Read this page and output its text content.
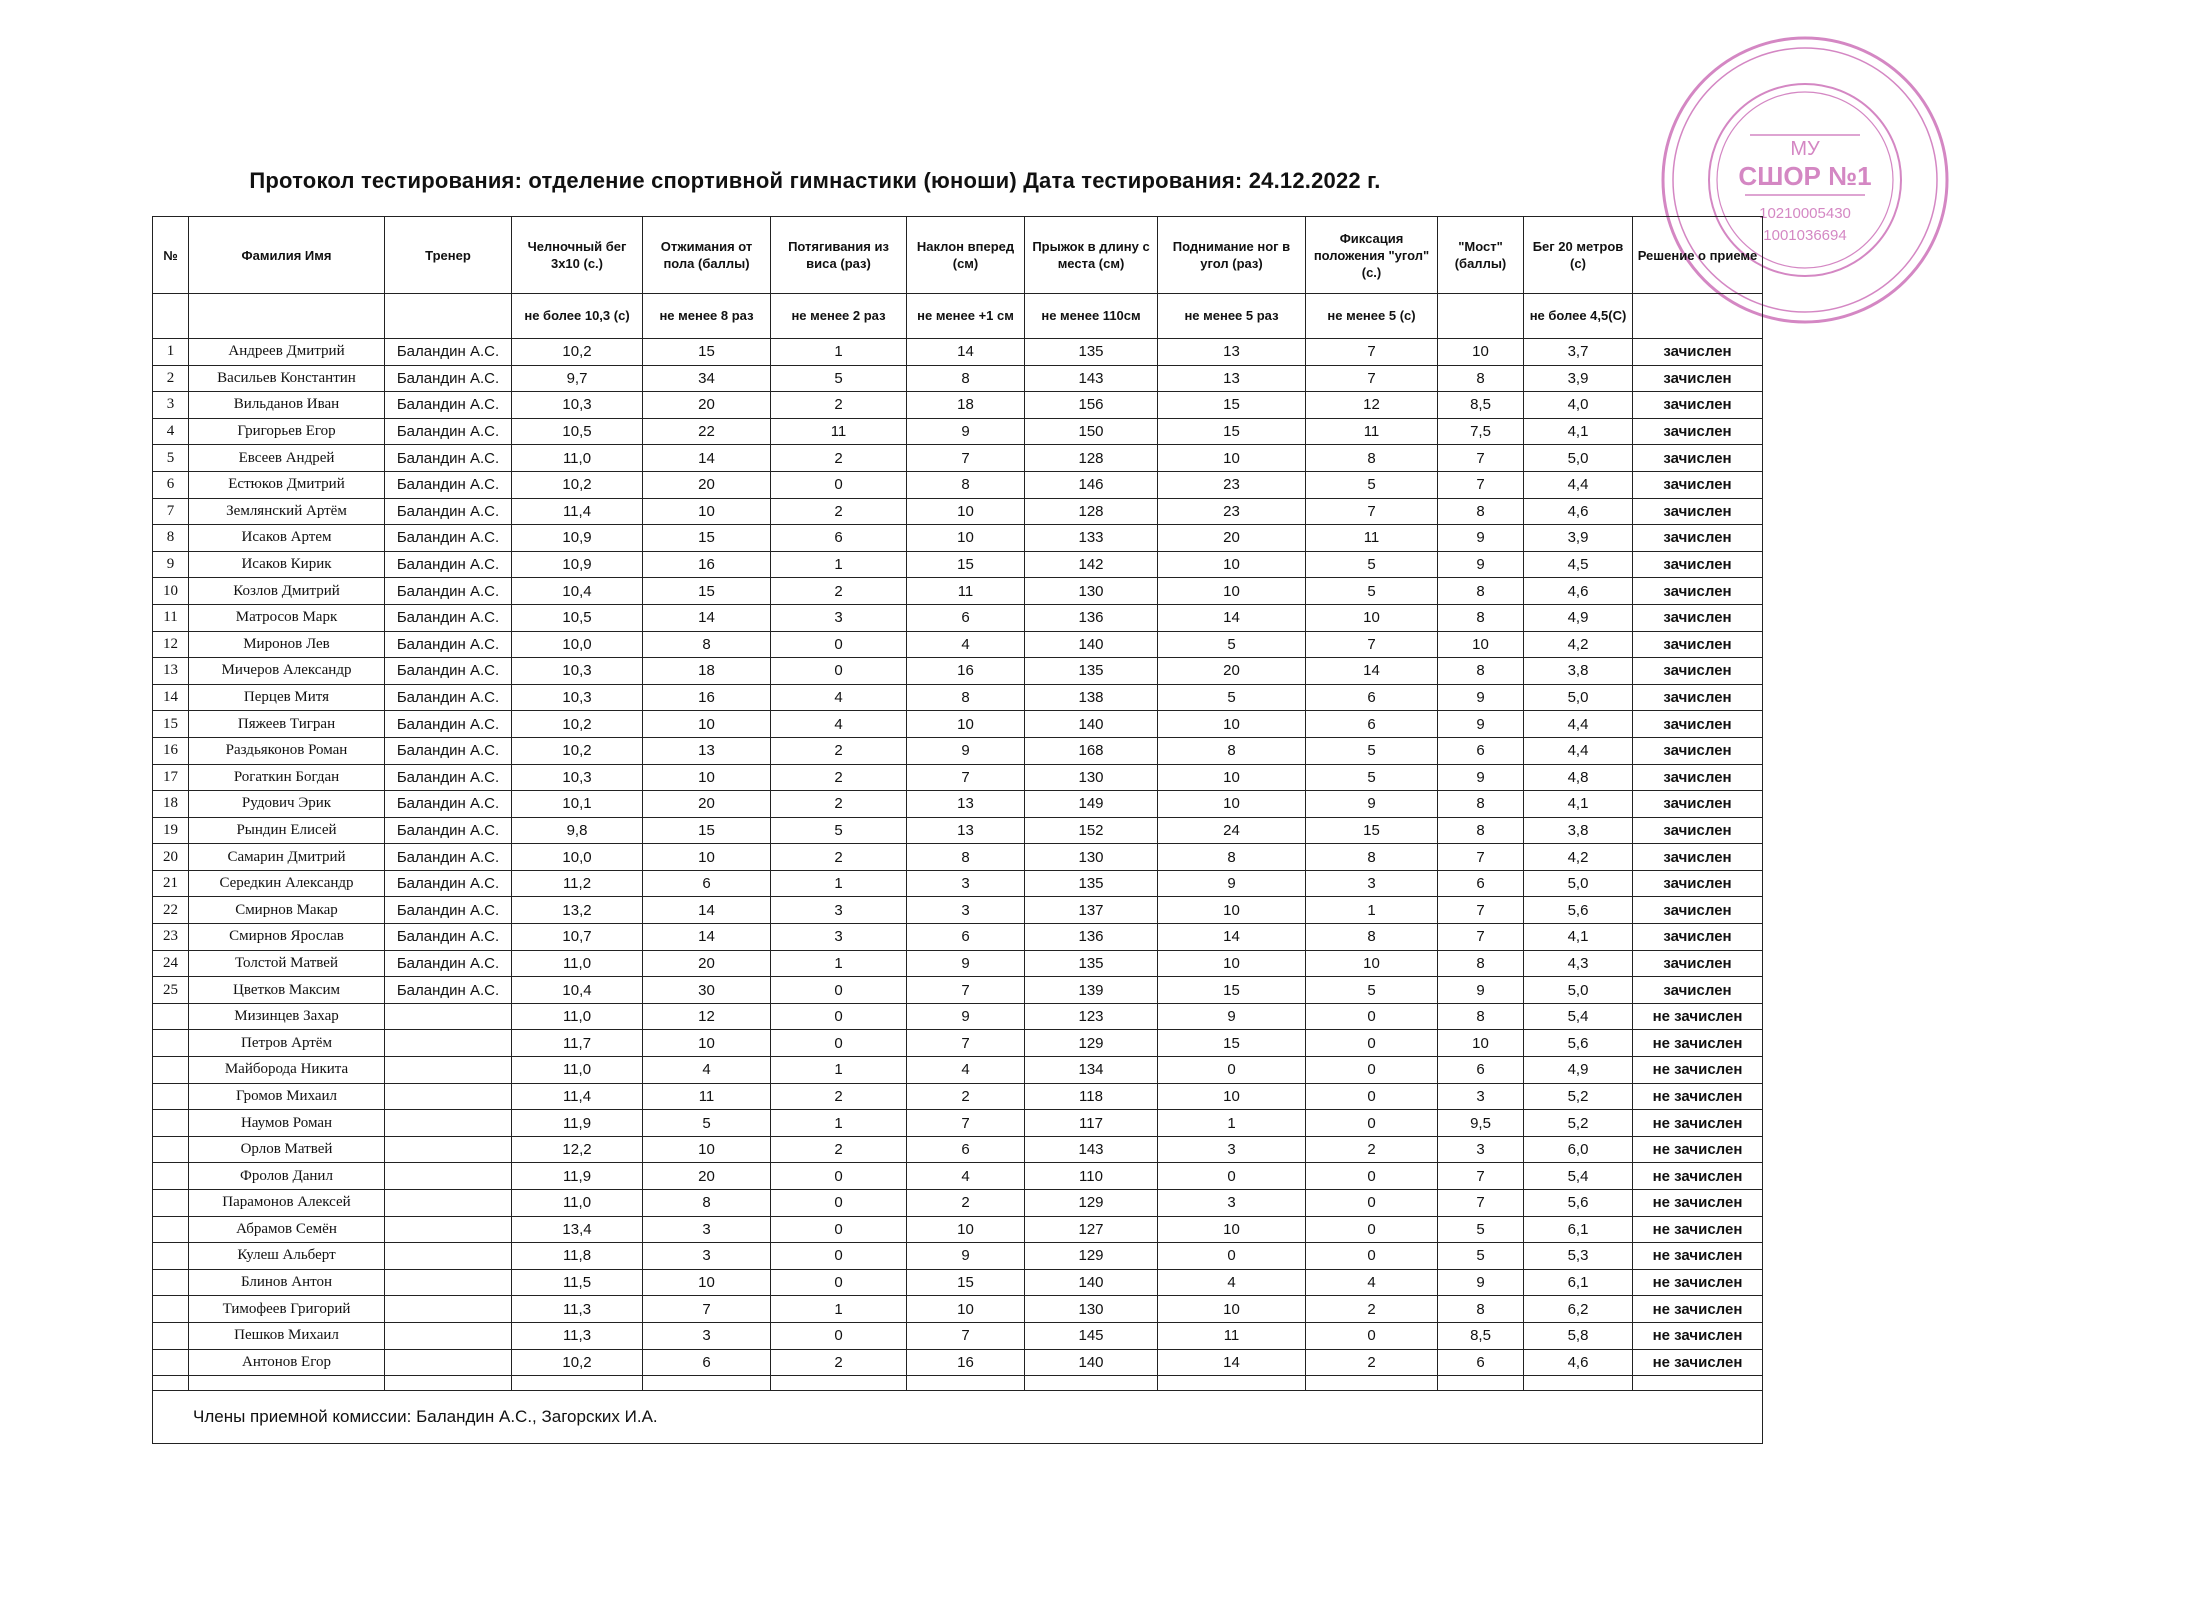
Протокол тестирования: отделение спортивной гимнастики (юноши) Дата тестирования: 24.12.2022 г.
МУ
СШОР №1
10210005430
1001036694
№	Фамилия Имя	Тренер	Челночный бег 3х10 (с.)	Отжимания от пола (баллы)	Потягивания из виса (раз)	Наклон вперед (см)	Прыжок в длину с места (см)	Поднимание ног в угол (раз)	Фиксация положения "угол" (с.)	"Мост" (баллы)	Бег 20 метров (с)	Решение о приеме
			не более 10,3 (с)	не менее 8 раз	не менее 2 раз	не менее +1 см	не менее 110см	не менее 5 раз	не менее 5 (с)		не более 4,5(С)	
1	Андреев Дмитрий	Баландин А.С.	10,2	15	1	14	135	13	7	10	3,7	зачислен
2	Васильев Константин	Баландин А.С.	9,7	34	5	8	143	13	7	8	3,9	зачислен
3	Вильданов Иван	Баландин А.С.	10,3	20	2	18	156	15	12	8,5	4,0	зачислен
4	Григорьев Егор	Баландин А.С.	10,5	22	11	9	150	15	11	7,5	4,1	зачислен
5	Евсеев Андрей	Баландин А.С.	11,0	14	2	7	128	10	8	7	5,0	зачислен
6	Естюков Дмитрий	Баландин А.С.	10,2	20	0	8	146	23	5	7	4,4	зачислен
7	Землянский Артём	Баландин А.С.	11,4	10	2	10	128	23	7	8	4,6	зачислен
8	Исаков Артем	Баландин А.С.	10,9	15	6	10	133	20	11	9	3,9	зачислен
9	Исаков Кирик	Баландин А.С.	10,9	16	1	15	142	10	5	9	4,5	зачислен
10	Козлов Дмитрий	Баландин А.С.	10,4	15	2	11	130	10	5	8	4,6	зачислен
11	Матросов Марк	Баландин А.С.	10,5	14	3	6	136	14	10	8	4,9	зачислен
12	Миронов Лев	Баландин А.С.	10,0	8	0	4	140	5	7	10	4,2	зачислен
13	Мичеров Александр	Баландин А.С.	10,3	18	0	16	135	20	14	8	3,8	зачислен
14	Перцев Митя	Баландин А.С.	10,3	16	4	8	138	5	6	9	5,0	зачислен
15	Пяжеев Тигран	Баландин А.С.	10,2	10	4	10	140	10	6	9	4,4	зачислен
16	Раздьяконов Роман	Баландин А.С.	10,2	13	2	9	168	8	5	6	4,4	зачислен
17	Рогаткин Богдан	Баландин А.С.	10,3	10	2	7	130	10	5	9	4,8	зачислен
18	Рудович Эрик	Баландин А.С.	10,1	20	2	13	149	10	9	8	4,1	зачислен
19	Рындин Елисей	Баландин А.С.	9,8	15	5	13	152	24	15	8	3,8	зачислен
20	Самарин Дмитрий	Баландин А.С.	10,0	10	2	8	130	8	8	7	4,2	зачислен
21	Середкин Александр	Баландин А.С.	11,2	6	1	3	135	9	3	6	5,0	зачислен
22	Смирнов Макар	Баландин А.С.	13,2	14	3	3	137	10	1	7	5,6	зачислен
23	Смирнов Ярослав	Баландин А.С.	10,7	14	3	6	136	14	8	7	4,1	зачислен
24	Толстой Матвей	Баландин А.С.	11,0	20	1	9	135	10	10	8	4,3	зачислен
25	Цветков Максим	Баландин А.С.	10,4	30	0	7	139	15	5	9	5,0	зачислен
	Мизинцев Захар		11,0	12	0	9	123	9	0	8	5,4	не зачислен
	Петров Артём		11,7	10	0	7	129	15	0	10	5,6	не зачислен
	Майборода Никита		11,0	4	1	4	134	0	0	6	4,9	не зачислен
	Громов Михаил		11,4	11	2	2	118	10	0	3	5,2	не зачислен
	Наумов Роман		11,9	5	1	7	117	1	0	9,5	5,2	не зачислен
	Орлов Матвей		12,2	10	2	6	143	3	2	3	6,0	не зачислен
	Фролов Данил		11,9	20	0	4	110	0	0	7	5,4	не зачислен
	Парамонов Алексей		11,0	8	0	2	129	3	0	7	5,6	не зачислен
	Абрамов Семён		13,4	3	0	10	127	10	0	5	6,1	не зачислен
	Кулеш Альберт		11,8	3	0	9	129	0	0	5	5,3	не зачислен
	Блинов Антон		11,5	10	0	15	140	4	4	9	6,1	не зачислен
	Тимофеев Григорий		11,3	7	1	10	130	10	2	8	6,2	не зачислен
	Пешков Михаил		11,3	3	0	7	145	11	0	8,5	5,8	не зачислен
	Антонов Егор		10,2	6	2	16	140	14	2	6	4,6	не зачислен

Члены приемной комиссии: Баландин А.С., Загорских И.А.												
